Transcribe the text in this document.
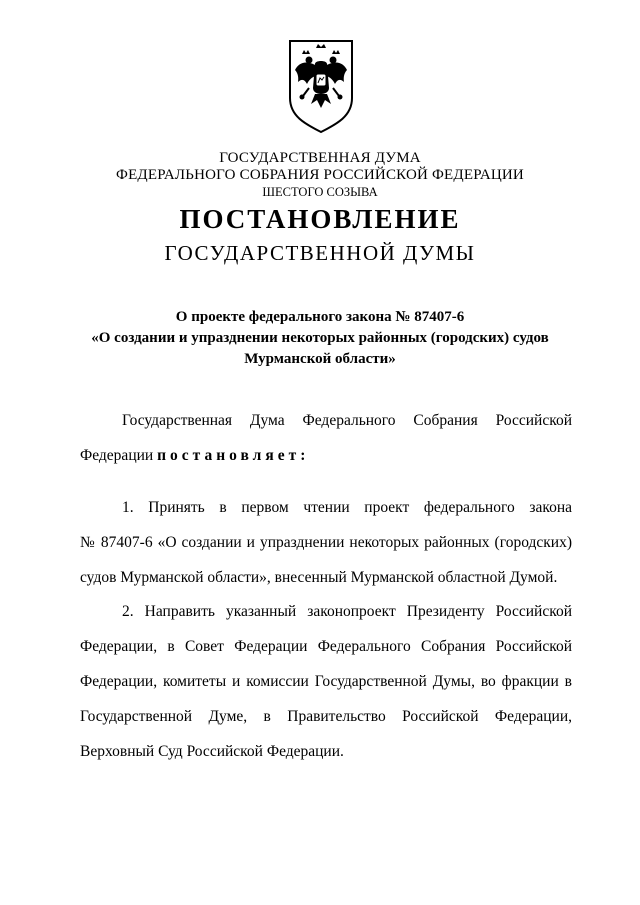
ГОСУДАРСТВЕННАЯ ДУМА
ФЕДЕРАЛЬНОГО СОБРАНИЯ РОССИЙСКОЙ ФЕДЕРАЦИИ
ШЕСТОГО СОЗЫВА
ПОСТАНОВЛЕНИЕ
ГОСУДАРСТВЕННОЙ ДУМЫ
О проекте федерального закона № 87407-6
«О создании и упразднении некоторых районных (городских) судов
Мурманской области»
Государственная Дума Федерального Собрания Российской
Федерации постановляет:
1. Принять в первом чтении проект федерального закона
№ 87407-6 «О создании и упразднении некоторых районных (городских)
судов Мурманской области», внесенный Мурманской областной Думой.
2. Направить указанный законопроект Президенту Российской
Федерации, в Совет Федерации Федерального Собрания Российской
Федерации, комитеты и комиссии Государственной Думы, во фракции в
Государственной Думе, в Правительство Российской Федерации,
Верховный Суд Российской Федерации.
